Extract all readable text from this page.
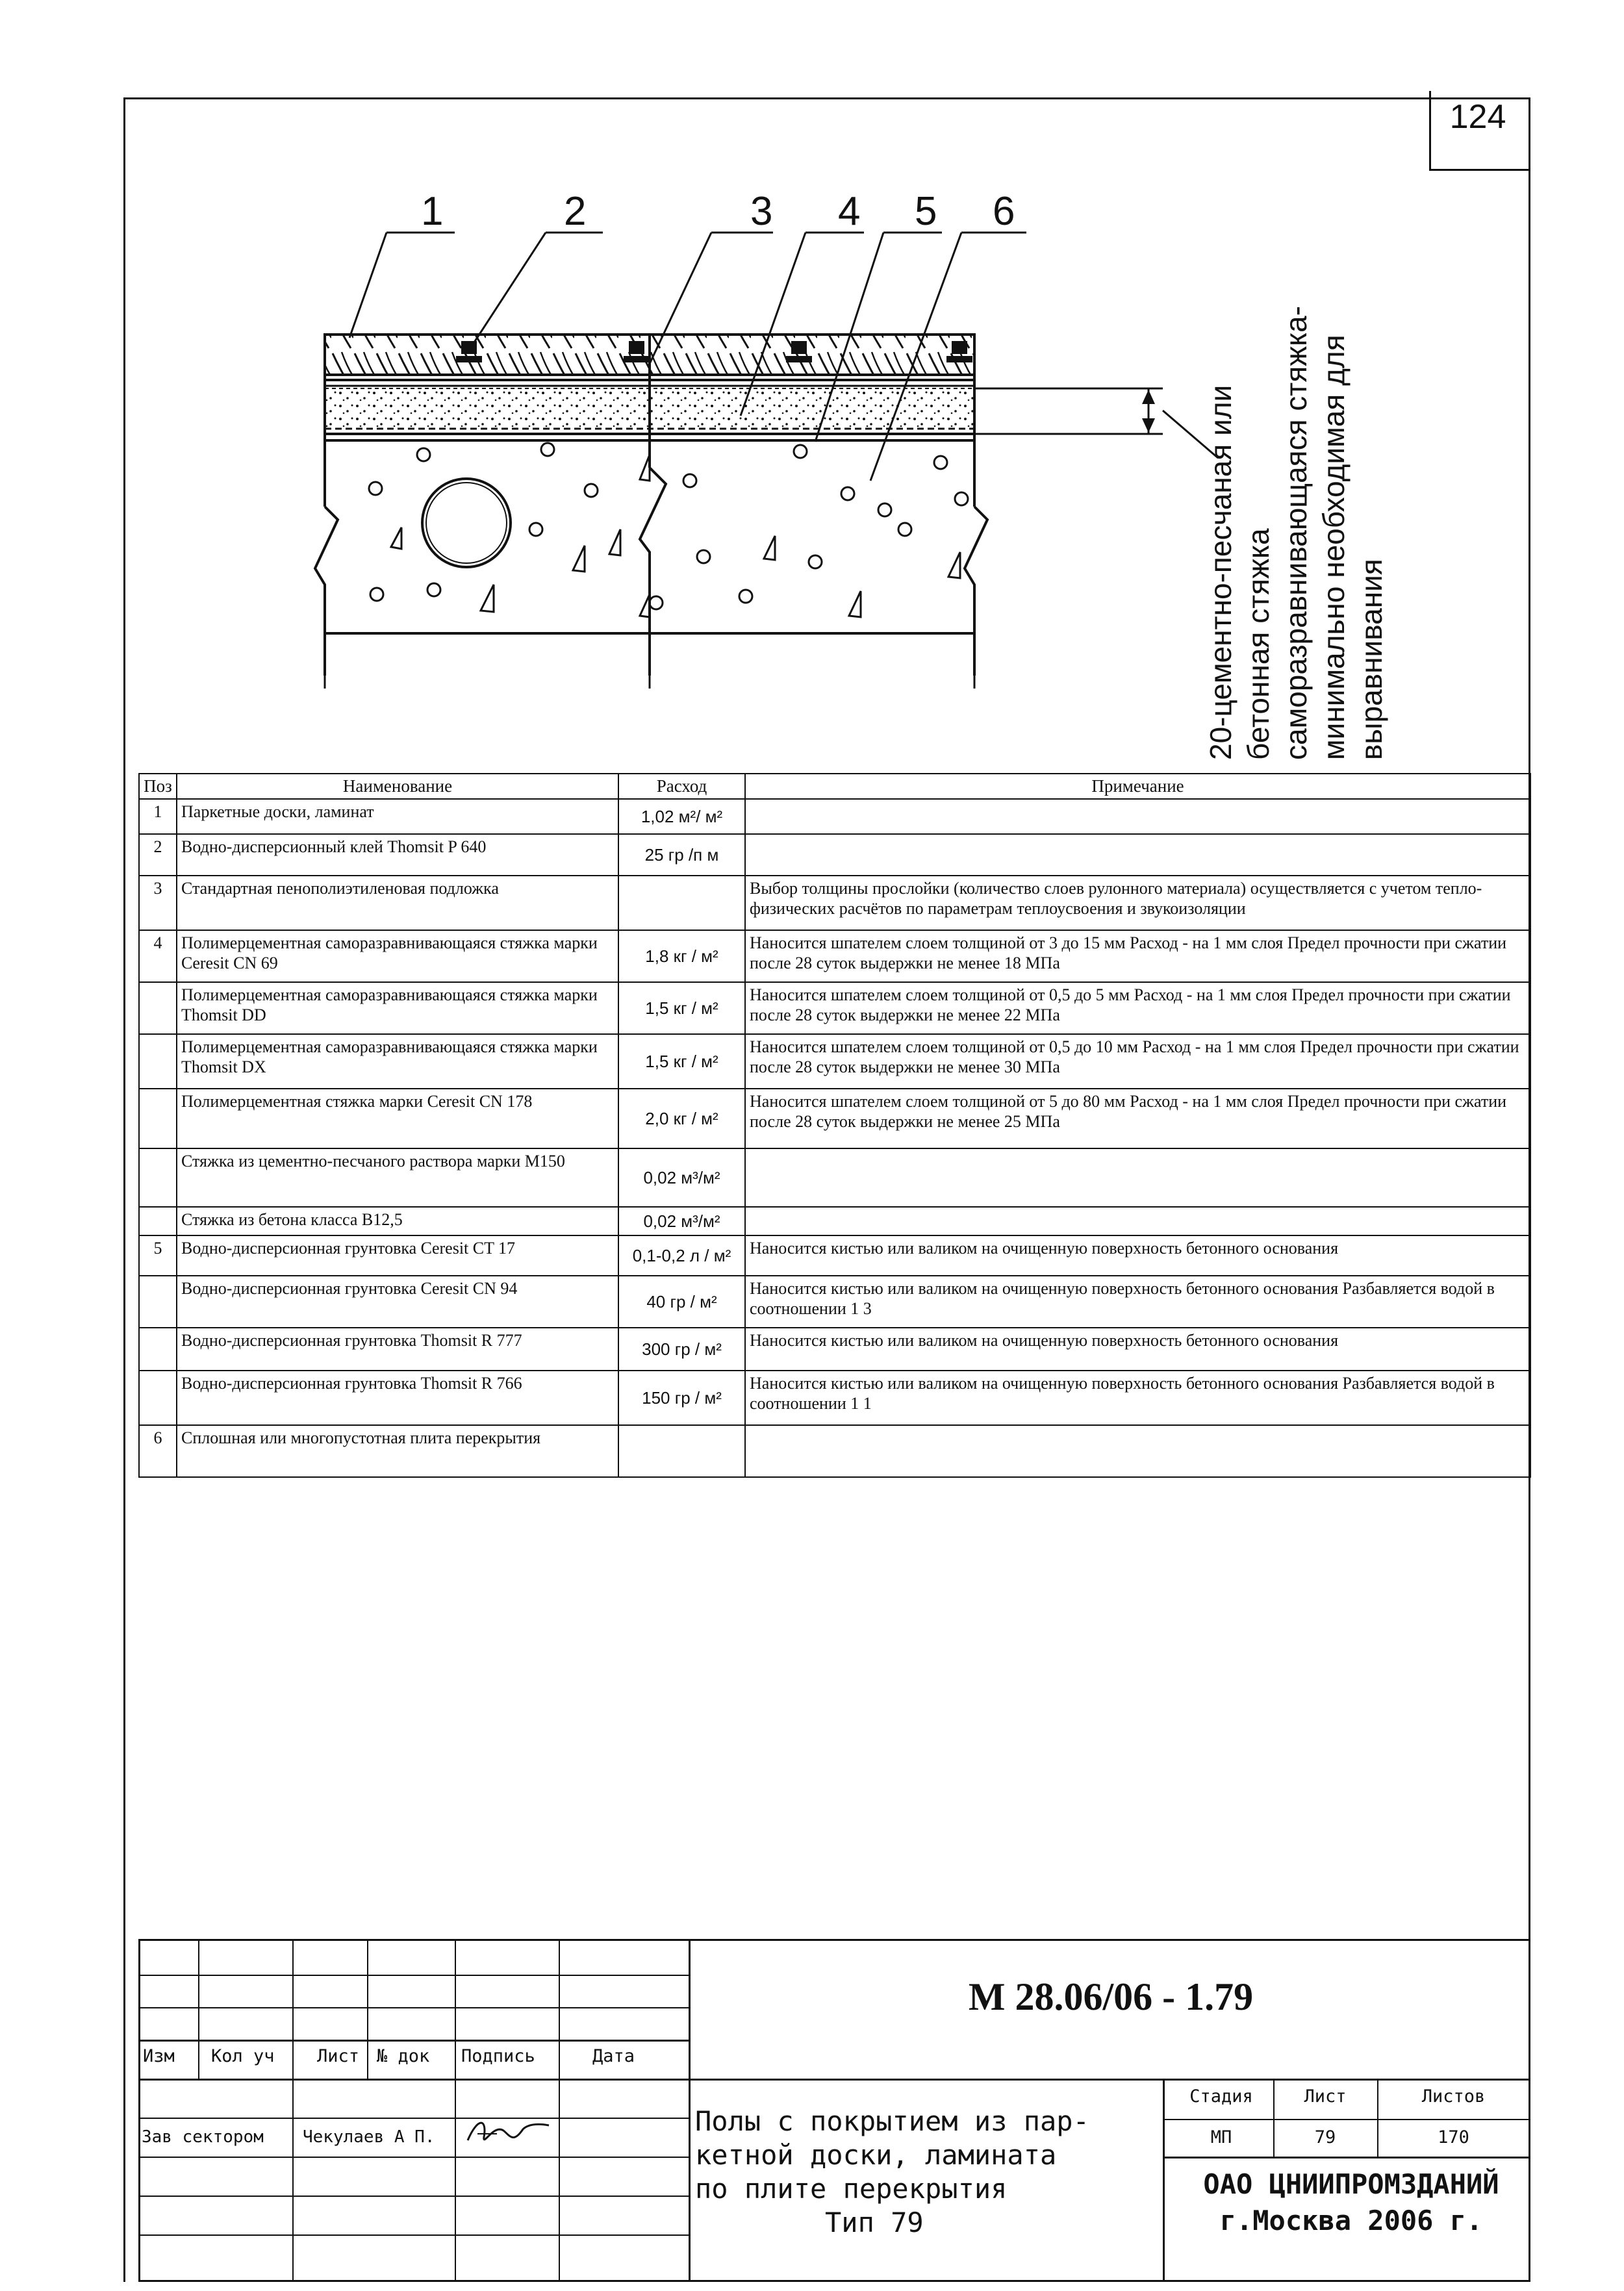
124
1	2	3 4 5 6
20-цементно-песчаная или бетонная стяжка саморазравнивающаяся стяжка- минимально необходимая для выравнивания
Поз	Наименование	Расход	Примечание
1	Паркетные доски, ламинат	1,02 м²/ м²	
2	Водно-дисперсионный клей Thomsit P 640	25 гр /п м	
3	Стандартная пенополиэтиленовая подложка		Выбор толщины прослойки (количество слоев рулонного материала) осуществляется с учетом тепло-физических расчётов по параметрам теплоусвоения и звукоизоляции
4	Полимерцементная саморазравнивающаяся стяжка марки Ceresit CN 69	1,8 кг / м²	Наносится шпателем слоем толщиной от 3 до 15 мм Расход - на 1 мм слоя Предел прочности при сжатии после 28 суток выдержки не менее 18 МПа
	Полимерцементная саморазравнивающаяся стяжка марки Thomsit DD	1,5 кг / м²	Наносится шпателем слоем толщиной от 0,5 до 5 мм Расход - на 1 мм слоя Предел прочности при сжатии после 28 суток выдержки не менее 22 МПа
	Полимерцементная саморазравнивающаяся стяжка марки Thomsit DX	1,5 кг / м²	Наносится шпателем слоем толщиной от 0,5 до 10 мм Расход - на 1 мм слоя Предел прочности при сжатии после 28 суток выдержки не менее 30 МПа
	Полимерцементная стяжка марки Ceresit CN 178	2,0 кг / м²	Наносится шпателем слоем толщиной от 5 до 80 мм Расход - на 1 мм слоя Предел прочности при сжатии после 28 суток выдержки не менее 25 МПа
	Стяжка из цементно-песчаного раствора марки М150	0,02 м³/м²	
	Стяжка из бетона класса В12,5	0,02 м³/м²	
5	Водно-дисперсионная грунтовка Ceresit CT 17	0,1-0,2 л / м²	Наносится кистью или валиком на очищенную поверхность бетонного основания
	Водно-дисперсионная грунтовка Ceresit CN 94	40 гр / м²	Наносится кистью или валиком на очищенную поверхность бетонного основания Разбавляется водой в соотношении 1 3
	Водно-дисперсионная грунтовка Thomsit R 777	300 гр / м²	Наносится кистью или валиком на очищенную поверхность бетонного основания
	Водно-дисперсионная грунтовка Thomsit R 766	150 гр / м²	Наносится кистью или валиком на очищенную поверхность бетонного основания Разбавляется водой в соотношении 1 1
6	Сплошная или многопустотная плита перекрытия		
Изм Кол уч Лист № док Подпись	Дата
Зав сектором Чекулаев А П.
М 28.06/06 - 1.79
Полы с покрытием из пар-
кетной доски, ламината
по плите перекрытия
Тип 79
Стадия	Лист	Листов
МП	79	170
ОАО ЦНИИПРОМЗДАНИЙ
г.Москва 2006 г.
